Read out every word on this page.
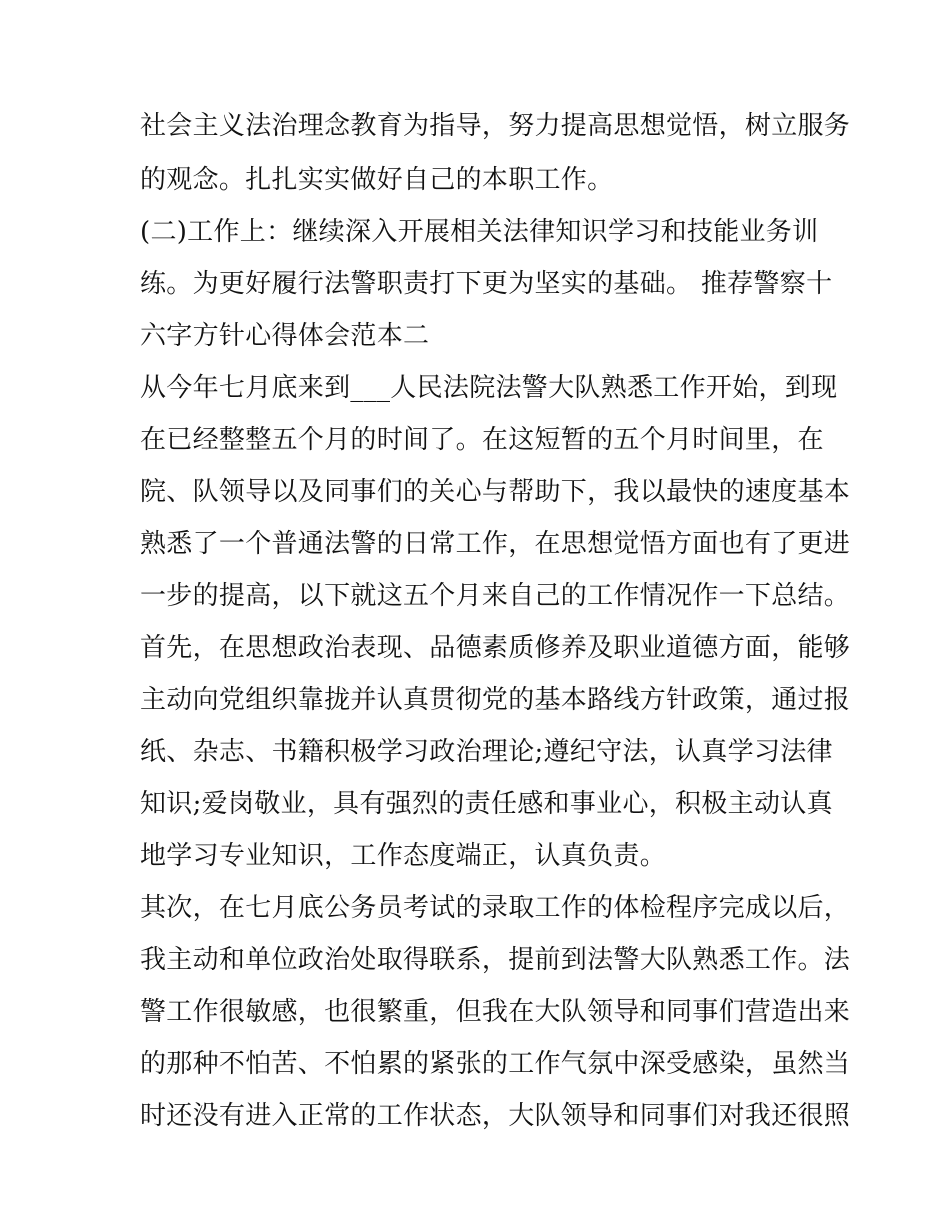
社会主义法治理念教育为指导，努力提高思想觉悟，树立服务
的观念。扎扎实实做好自己的本职工作。
(二)工作上：继续深入开展相关法律知识学习和技能业务训
练。为更好履行法警职责打下更为坚实的基础。 推荐警察十
六字方针心得体会范本二
从今年七月底来到___人民法院法警大队熟悉工作开始，到现
在已经整整五个月的时间了。在这短暂的五个月时间里，在
院、队领导以及同事们的关心与帮助下，我以最快的速度基本
熟悉了一个普通法警的日常工作，在思想觉悟方面也有了更进
一步的提高，以下就这五个月来自己的工作情况作一下总结。
首先，在思想政治表现、品德素质修养及职业道德方面，能够
主动向党组织靠拢并认真贯彻党的基本路线方针政策，通过报
纸、杂志、书籍积极学习政治理论;遵纪守法，认真学习法律
知识;爱岗敬业，具有强烈的责任感和事业心，积极主动认真
地学习专业知识，工作态度端正，认真负责。
其次，在七月底公务员考试的录取工作的体检程序完成以后，
我主动和单位政治处取得联系，提前到法警大队熟悉工作。法
警工作很敏感，也很繁重，但我在大队领导和同事们营造出来
的那种不怕苦、不怕累的紧张的工作气氛中深受感染，虽然当
时还没有进入正常的工作状态，大队领导和同事们对我还很照
